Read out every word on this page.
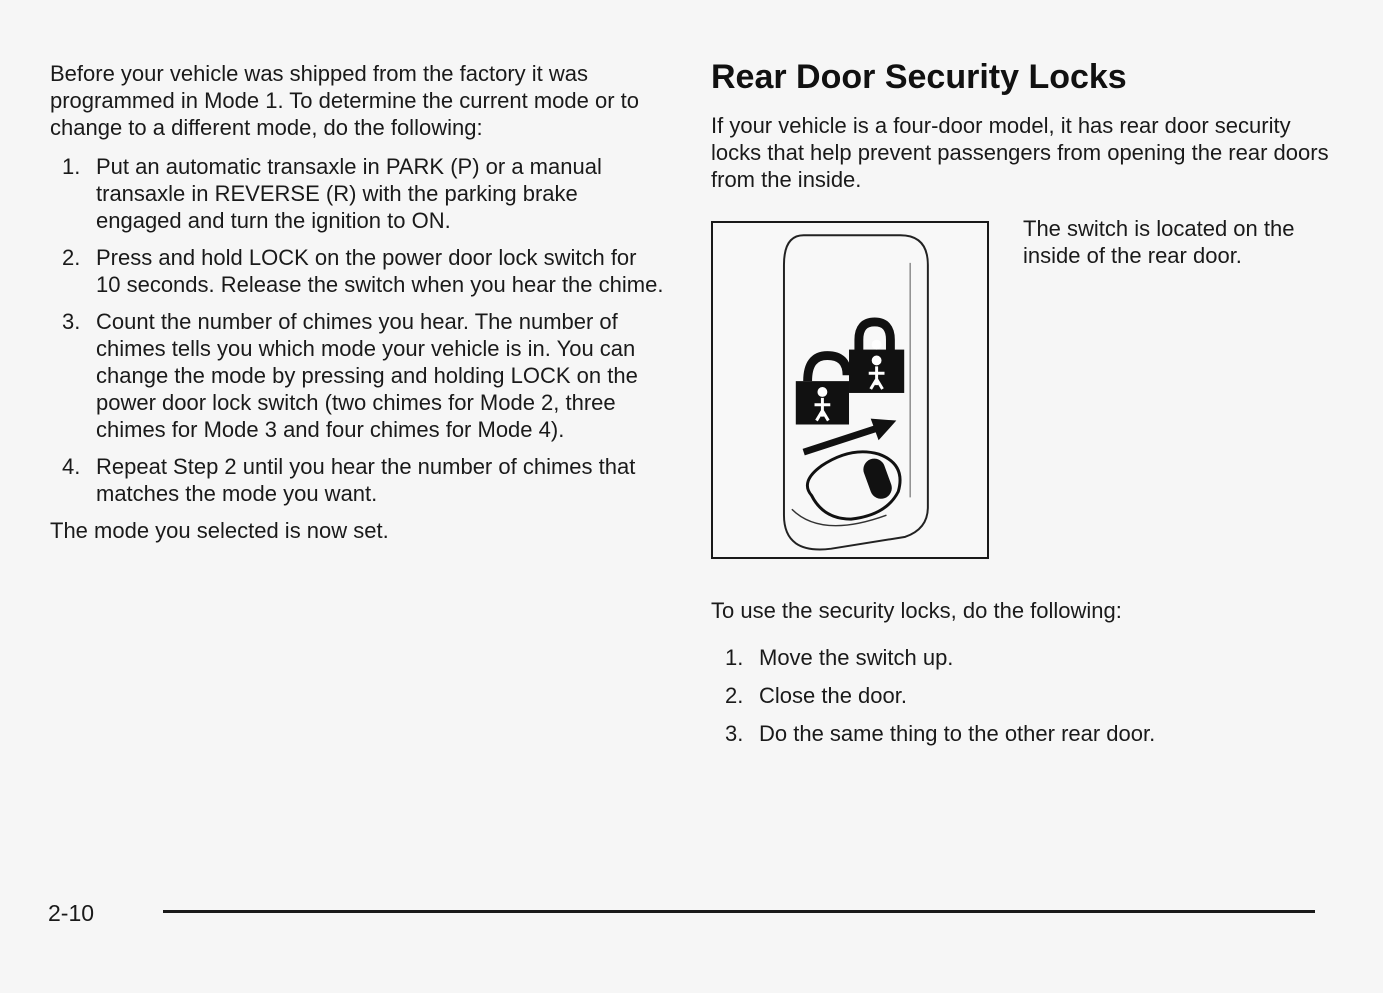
Before your vehicle was shipped from the factory it was programmed in Mode 1. To determine the current mode or to change to a different mode, do the following:

1. Put an automatic transaxle in PARK (P) or a manual transaxle in REVERSE (R) with the parking brake engaged and turn the ignition to ON.
2. Press and hold LOCK on the power door lock switch for 10 seconds. Release the switch when you hear the chime.
3. Count the number of chimes you hear. The number of chimes tells you which mode your vehicle is in. You can change the mode by pressing and holding LOCK on the power door lock switch (two chimes for Mode 2, three chimes for Mode 3 and four chimes for Mode 4).
4. Repeat Step 2 until you hear the number of chimes that matches the mode you want.

The mode you selected is now set.

Rear Door Security Locks

If your vehicle is a four-door model, it has rear door security locks that help prevent passengers from opening the rear doors from the inside.

The switch is located on the inside of the rear door.

To use the security locks, do the following:

1. Move the switch up.
2. Close the door.
3. Do the same thing to the other rear door.
2-10
